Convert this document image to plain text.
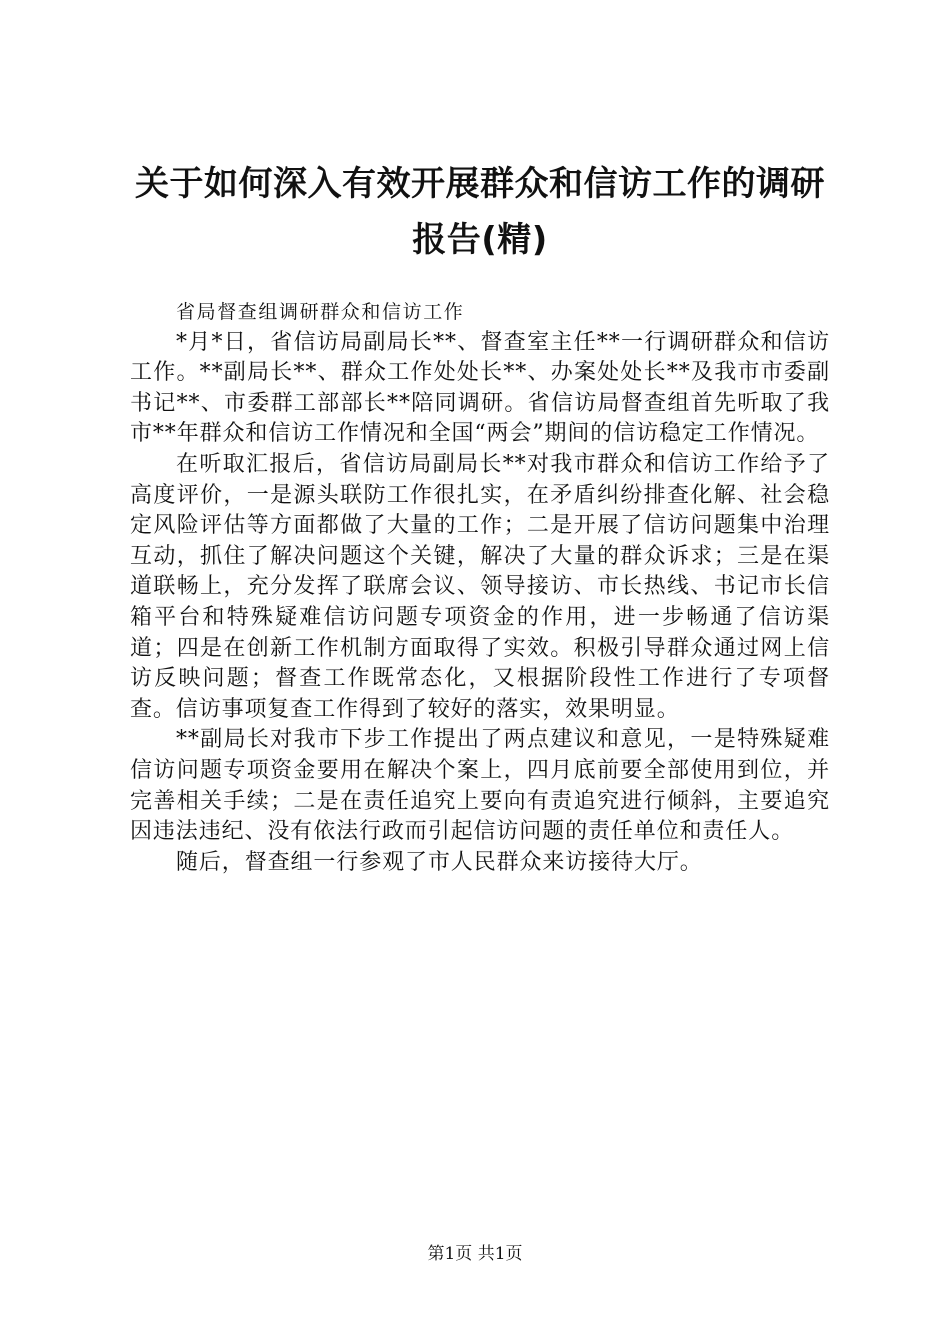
关于如何深入有效开展群众和信访工作的调研报告(精)

省局督查组调研群众和信访工作

*月*日，省信访局副局长**、督查室主任**一行调研群众和信访工作。**副局长**、群众工作处处长**、办案处处长**及我市市委副书记**、市委群工部部长**陪同调研。省信访局督查组首先听取了我市**年群众和信访工作情况和全国“两会”期间的信访稳定工作情况。

在听取汇报后，省信访局副局长**对我市群众和信访工作给予了高度评价，一是源头联防工作很扎实，在矛盾纠纷排查化解、社会稳定风险评估等方面都做了大量的工作；二是开展了信访问题集中治理互动，抓住了解决问题这个关键，解决了大量的群众诉求；三是在渠道联畅上，充分发挥了联席会议、领导接访、市长热线、书记市长信箱平台和特殊疑难信访问题专项资金的作用，进一步畅通了信访渠道；四是在创新工作机制方面取得了实效。积极引导群众通过网上信访反映问题；督查工作既常态化，又根据阶段性工作进行了专项督查。信访事项复查工作得到了较好的落实，效果明显。

**副局长对我市下步工作提出了两点建议和意见，一是特殊疑难信访问题专项资金要用在解决个案上，四月底前要全部使用到位，并完善相关手续；二是在责任追究上要向有责追究进行倾斜，主要追究因违法违纪、没有依法行政而引起信访问题的责任单位和责任人。

随后，督查组一行参观了市人民群众来访接待大厅。

第1页 共1页
